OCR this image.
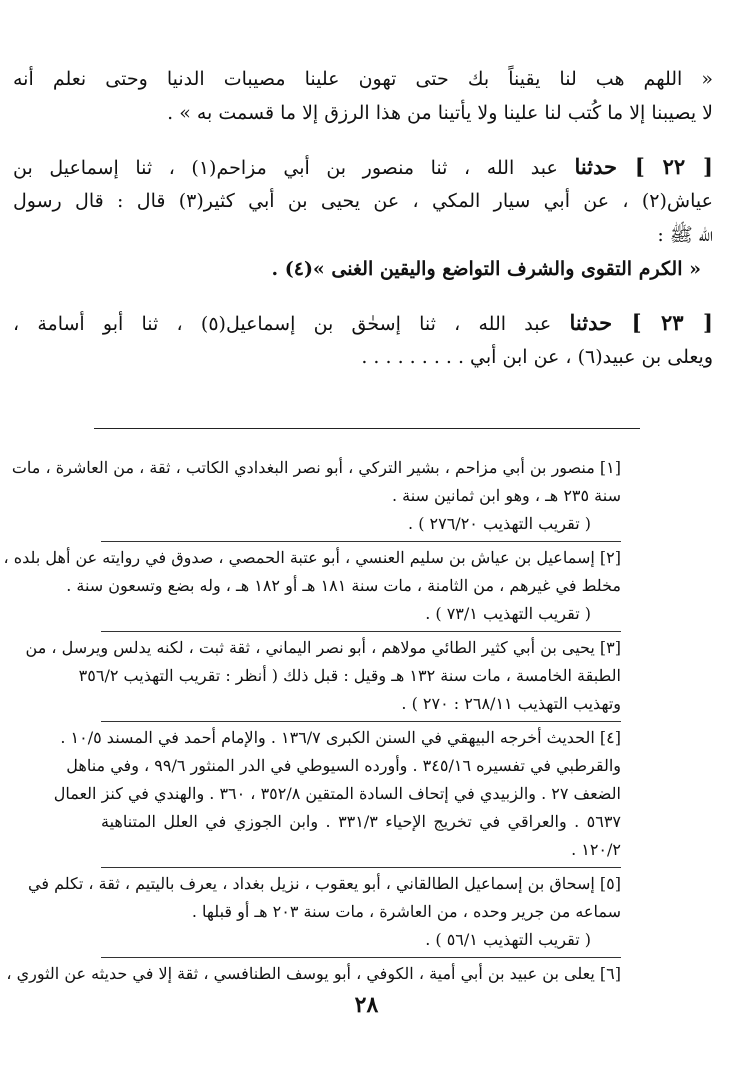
« اللهم هب لنا يقيناً بك حتى تهون علينا مصيبات الدنيا وحتى نعلم أنه
لا يصيبنا إلا ما كُتب لنا علينا ولا يأتينا من هذا الرزق إلا ما قسمت به » .
[ ٢٢ ] حدثنا عبد الله ، ثنا منصور بن أبي مزاحم(١) ، ثنا إسماعيل بن
عياش(٢) ، عن أبي سيار المكي ، عن يحيى بن أبي كثير(٣) قال : قال رسول
الله ﷺ :
« الكرم التقوى والشرف التواضع واليقين الغنى »(٤) .
[ ٢٣ ] حدثنا عبد الله ، ثنا إسحٰق بن إسماعيل(٥) ، ثنا أبو أسامة ،
ويعلى بن عبيد(٦) ، عن ابن أبي . . . . . . . . .
[١] منصور بن أبي مزاحم ، بشير التركي ، أبو نصر البغدادي الكاتب ، ثقة ، من العاشرة ، مات
سنة ٢٣٥ هـ ، وهو ابن ثمانين سنة .
( تقريب التهذيب ٢٧٦/٢٠ ) .
[٢] إسماعيل بن عياش بن سليم العنسي ، أبو عتبة الحمصي ، صدوق في روايته عن أهل بلده ،
مخلط في غيرهم ، من الثامنة ، مات سنة ١٨١ هـ أو ١٨٢ هـ ، وله بضع وتسعون سنة .
( تقريب التهذيب ٧٣/١ ) .
[٣] يحيى بن أبي كثير الطائي مولاهم ، أبو نصر اليماني ، ثقة ثبت ، لكنه يدلس ويرسل ، من
الطبقة الخامسة ، مات سنة ١٣٢ هـ وقيل : قبل ذلك ( أنظر : تقريب التهذيب ٣٥٦/٢
وتهذيب التهذيب ٢٦٨/١١ : ٢٧٠ ) .
[٤] الحديث أخرجه البيهقي في السنن الكبرى ١٣٦/٧ . والإمام أحمد في المسند ١٠/٥ .
والقرطبي في تفسيره ٣٤٥/١٦ . وأورده السيوطي في الدر المنثور ٩٩/٦ ، وفي مناهل
الضعف ٢٧ . والزبيدي في إتحاف السادة المتقين ٣٥٢/٨ ، ٣٦٠ . والهندي في كنز العمال
٥٦٣٧ . والعراقي في تخريج الإحياء ٣٣١/٣ . وابن الجوزي في العلل المتناهية
١٢٠/٢ .
[٥] إسحاق بن إسماعيل الطالقاني ، أبو يعقوب ، نزيل بغداد ، يعرف باليتيم ، ثقة ، تكلم في
سماعه من جرير وحده ، من العاشرة ، مات سنة ٢٠٣ هـ أو قبلها .
( تقريب التهذيب ٥٦/١ ) .
[٦] يعلى بن عبيد بن أبي أمية ، الكوفي ، أبو يوسف الطنافسي ، ثقة إلا في حديثه عن الثوري ،
٢٨
